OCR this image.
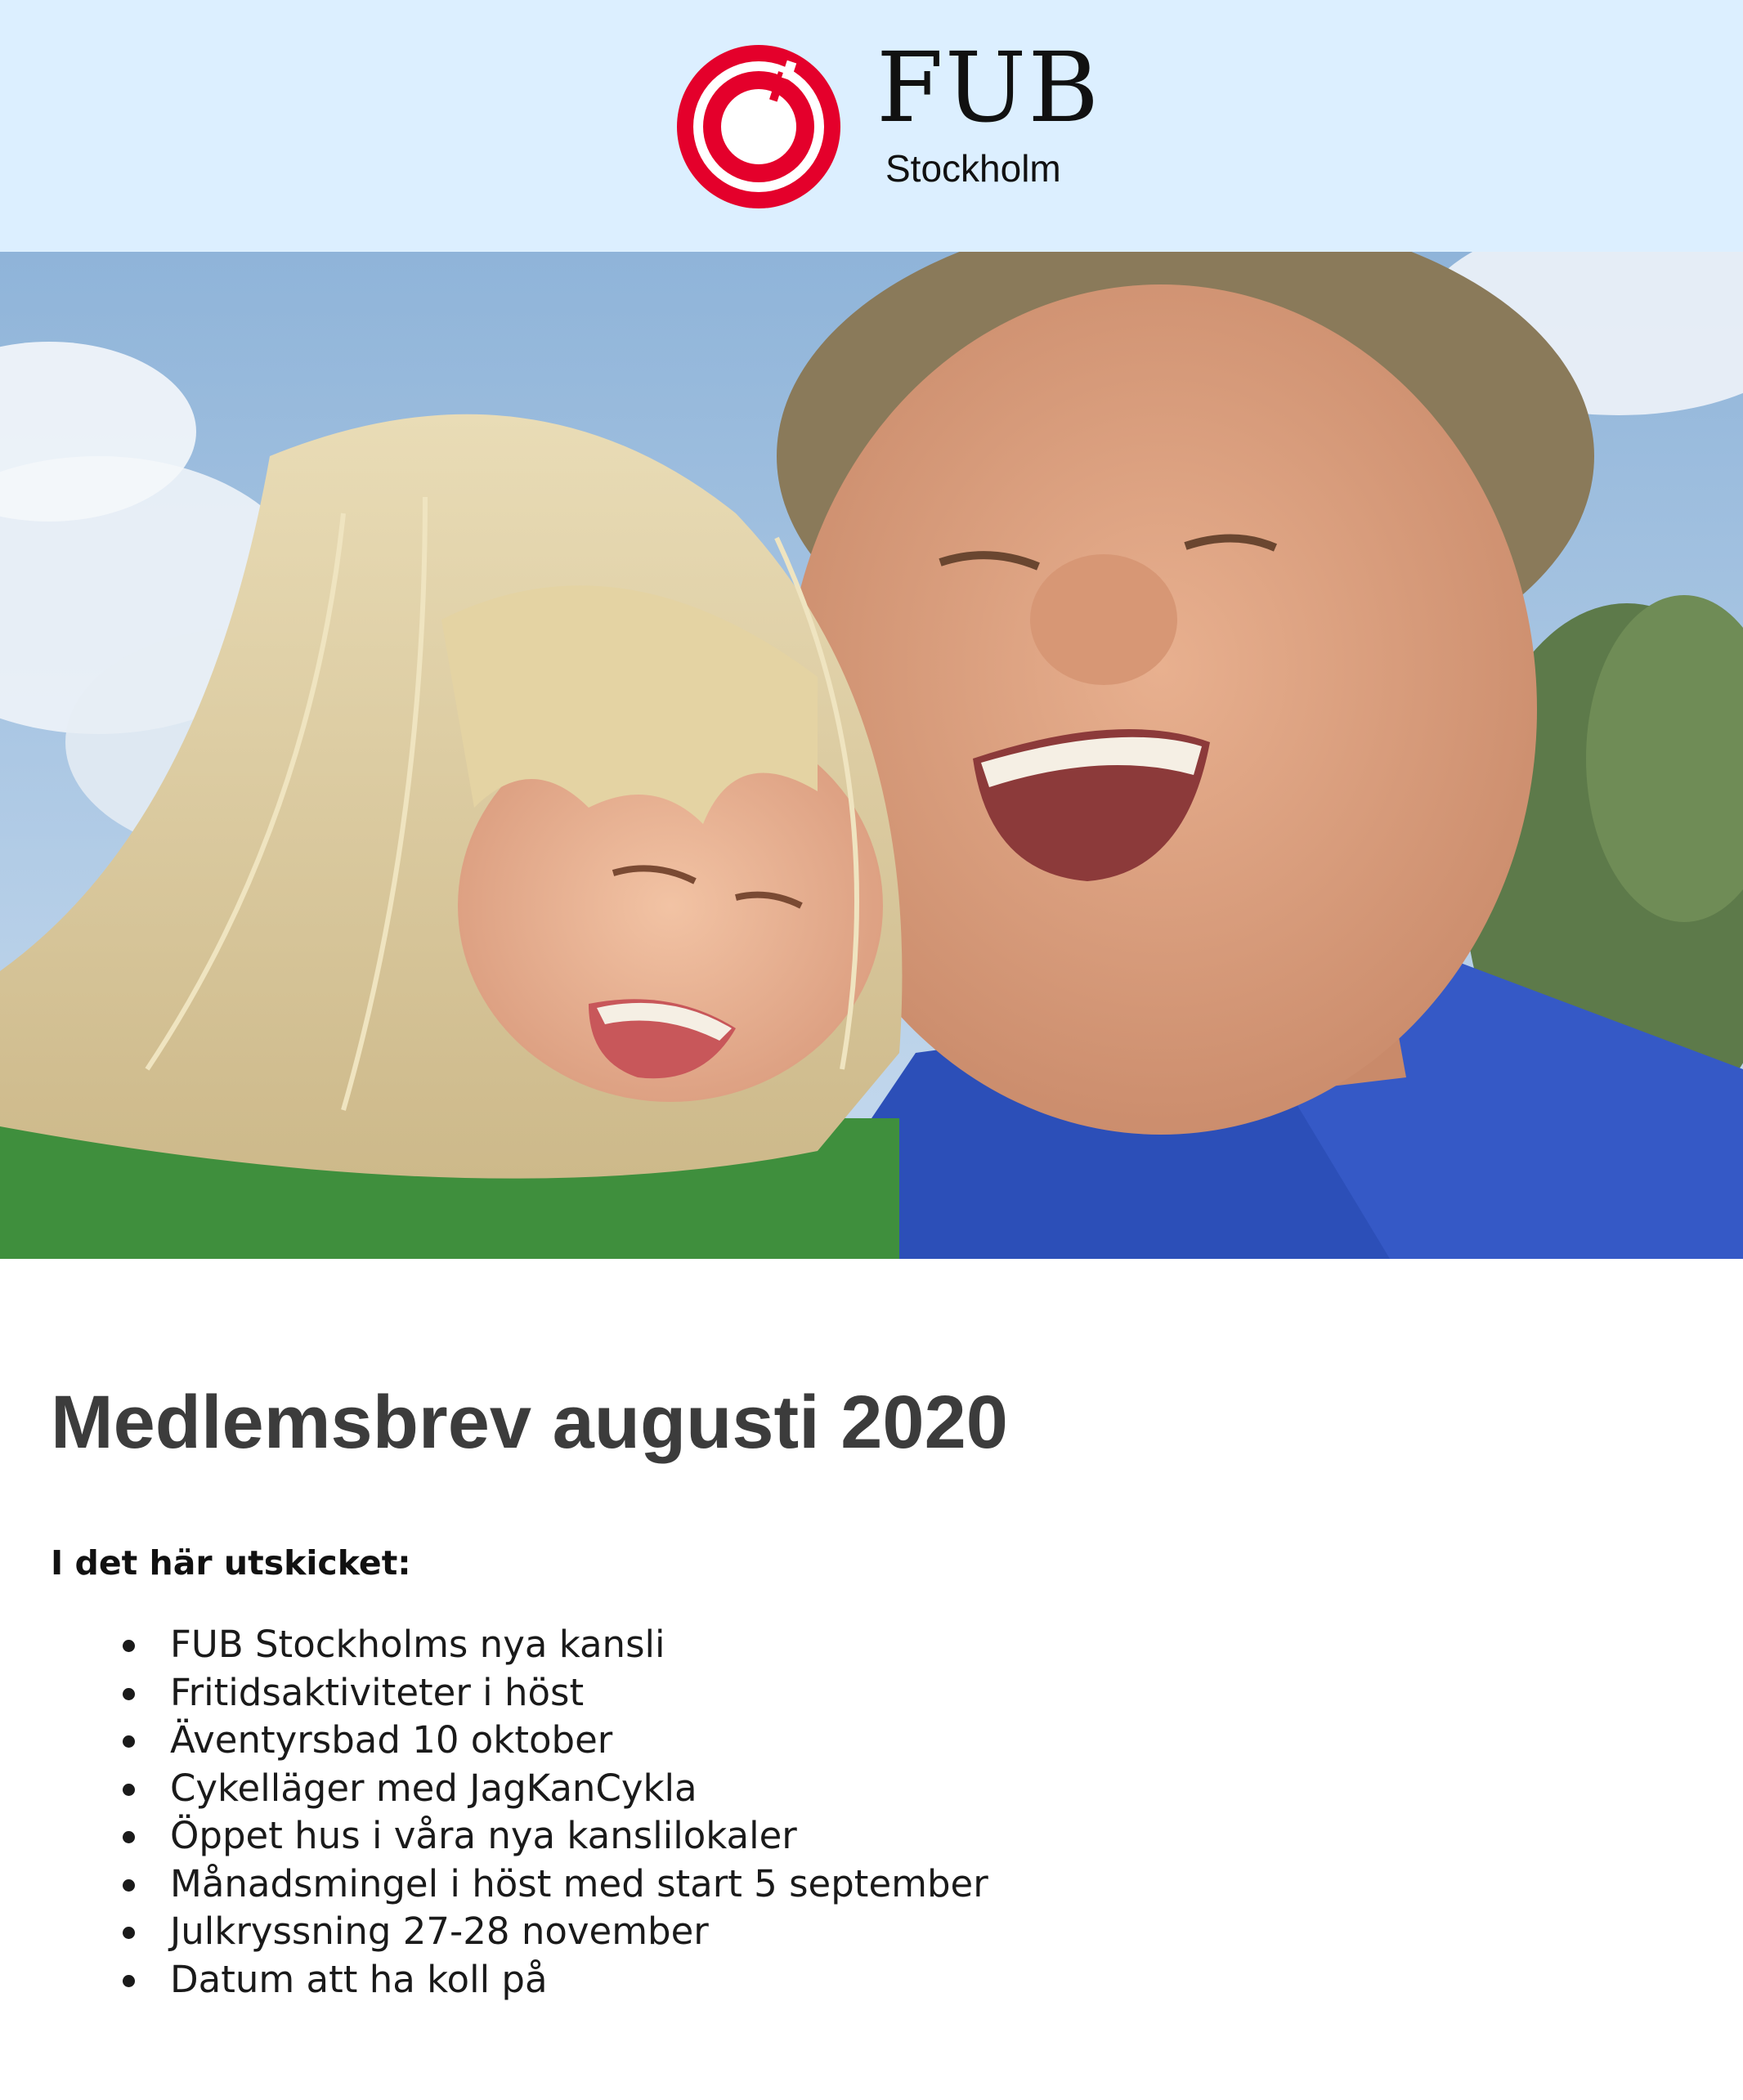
FUB
Stockholm
Medlemsbrev augusti 2020

I det här utskicket:

FUB Stockholms nya kansli
Fritidsaktiviteter i höst
Äventyrsbad 10 oktober
Cykelläger med JagKanCykla
Öppet hus i våra nya kanslilokaler
Månadsmingel i höst med start 5 september
Julkryssning 27-28 november
Datum att ha koll på
